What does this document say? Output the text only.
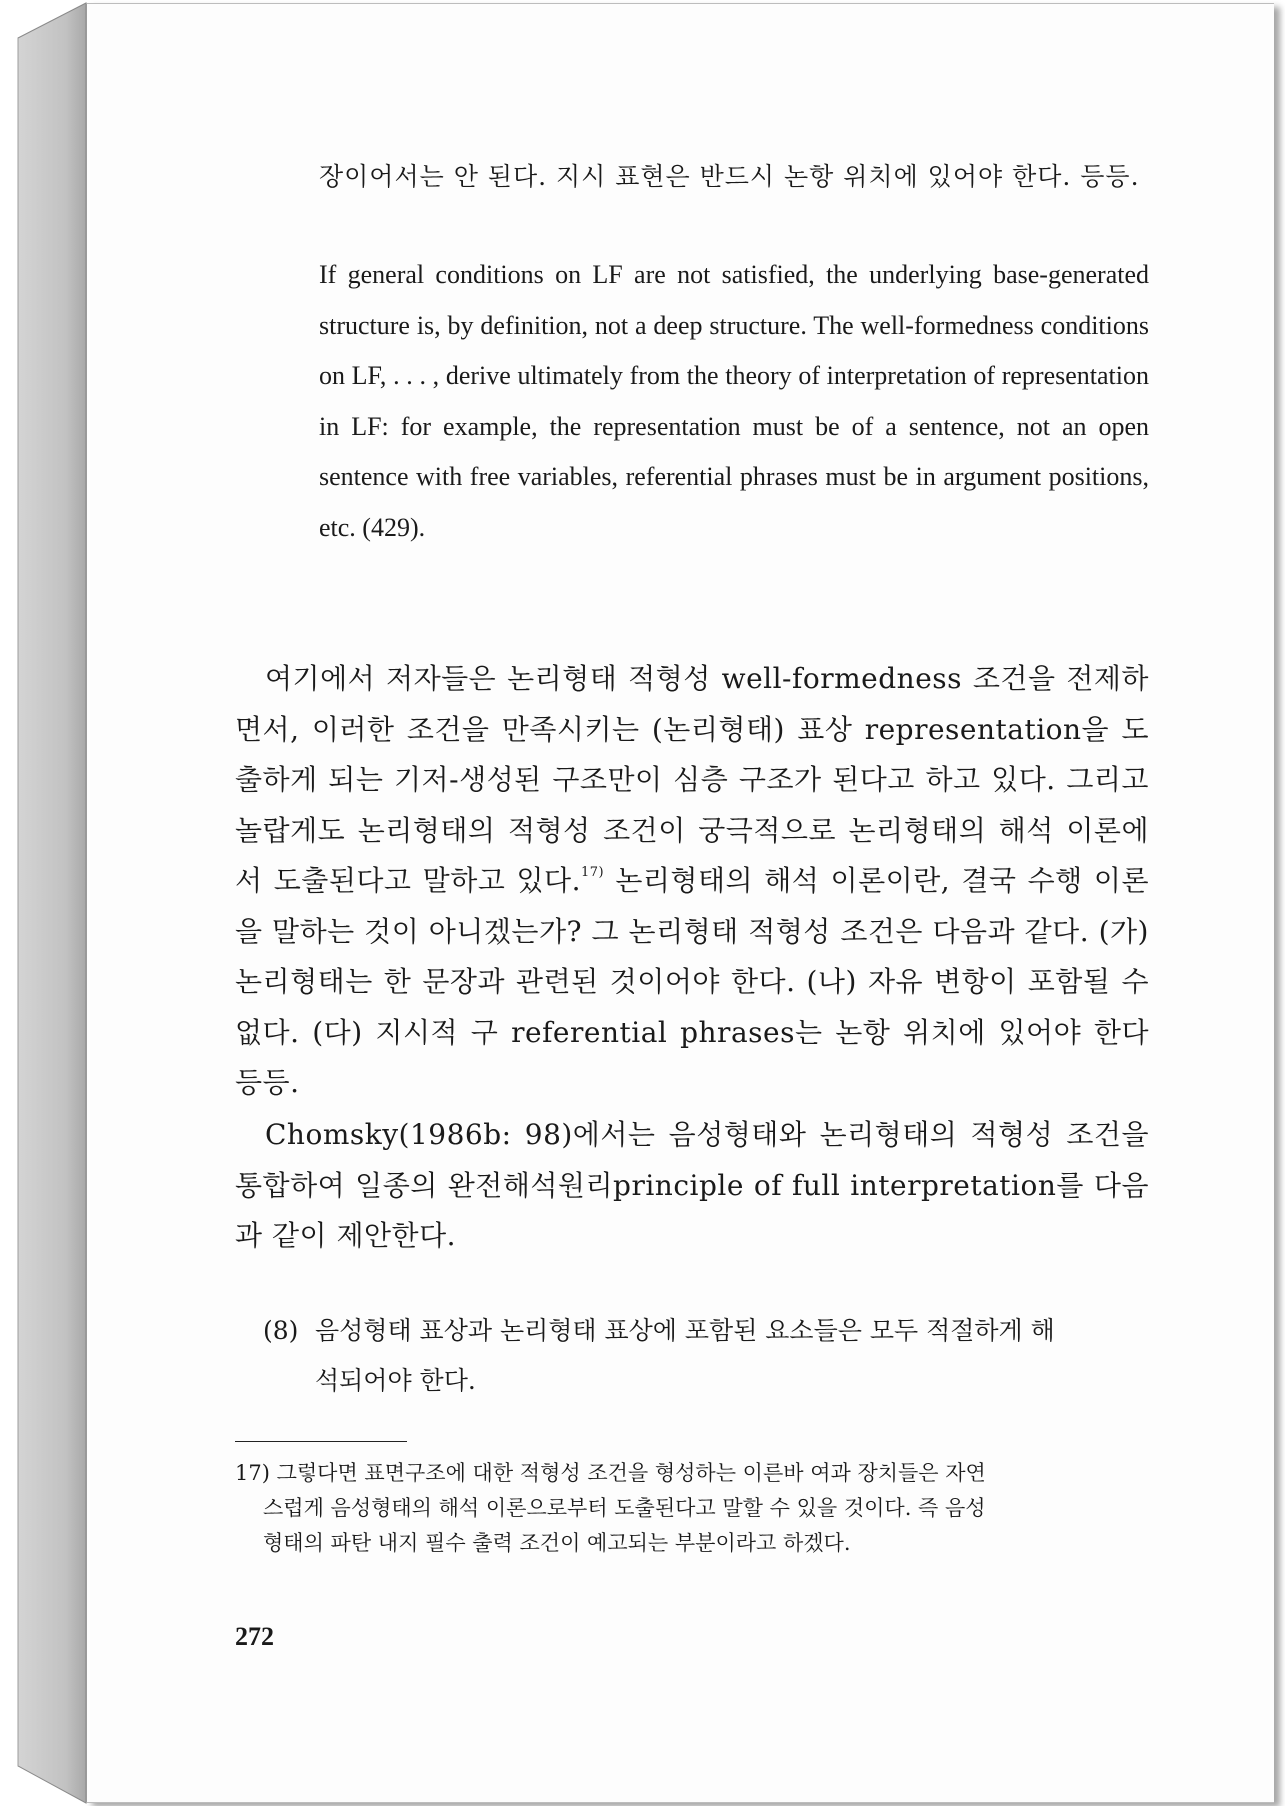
장이어서는 안 된다. 지시 표현은 반드시 논항 위치에 있어야 한다. 등등.
If general conditions on LF are not satisfied, the underlying base-generated structure is, by definition, not a deep structure. The well-formedness conditions on LF, . . . , derive ultimately from the theory of interpretation of representation in LF: for example, the representation must be of a sentence, not an open sentence with free variables, referential phrases must be in argument positions, etc. (429).
여기에서 저자들은 논리형태 적형성 well-formedness 조건을 전제하면서, 이러한 조건을 만족시키는 (논리형태) 표상 representation을 도출하게 되는 기저-생성된 구조만이 심층 구조가 된다고 하고 있다. 그리고 놀랍게도 논리형태의 적형성 조건이 궁극적으로 논리형태의 해석 이론에서 도출된다고 말하고 있다.$^{17)}$ 논리형태의 해석 이론이란, 결국 수행 이론을 말하는 것이 아니겠는가? 그 논리형태 적형성 조건은 다음과 같다. (가) 논리형태는 한 문장과 관련된 것이어야 한다. (나) 자유 변항이 포함될 수 없다. (다) 지시적 구 referential phrases는 논항 위치에 있어야 한다 등등.
Chomsky(1986b: 98)에서는 음성형태와 논리형태의 적형성 조건을 통합하여 일종의 완전해석원리principle of full interpretation를 다음과 같이 제안한다.
(8) 음성형태 표상과 논리형태 표상에 포함된 요소들은 모두 적절하게 해
석되어야 한다.
17) 그렇다면 표면구조에 대한 적형성 조건을 형성하는 이른바 여과 장치들은 자연
스럽게 음성형태의 해석 이론으로부터 도출된다고 말할 수 있을 것이다. 즉 음성
형태의 파탄 내지 필수 출력 조건이 예고되는 부분이라고 하겠다.
272
